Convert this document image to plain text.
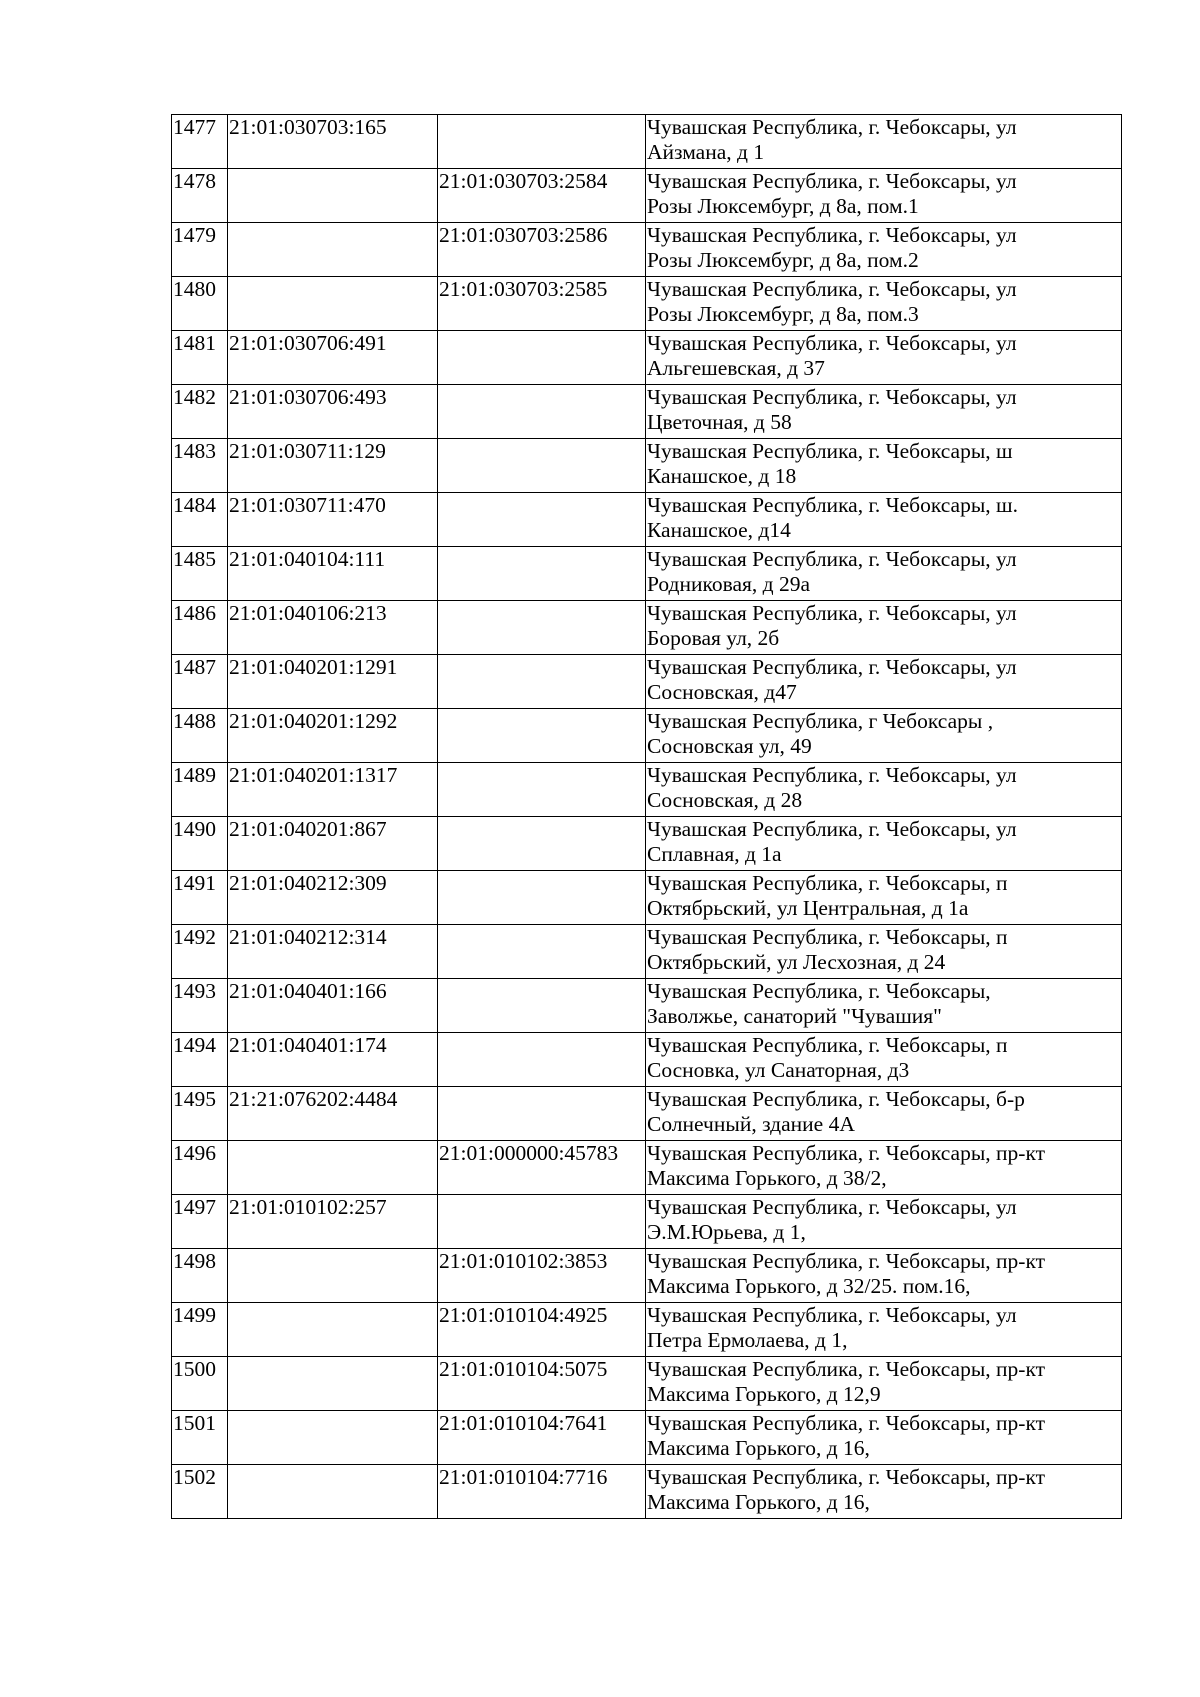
1477	21:01:030703:165		Чувашская Республика, г. Чебоксары, ул
Айзмана, д 1

1478		21:01:030703:2584	Чувашская Республика, г. Чебоксары, ул
Розы Люксембург, д 8а, пом.1

1479		21:01:030703:2586	Чувашская Республика, г. Чебоксары, ул
Розы Люксембург, д 8а, пом.2

1480		21:01:030703:2585	Чувашская Республика, г. Чебоксары, ул
Розы Люксембург, д 8а, пом.3

1481	21:01:030706:491		Чувашская Республика, г. Чебоксары, ул
Альгешевская, д 37

1482	21:01:030706:493		Чувашская Республика, г. Чебоксары, ул
Цветочная, д 58

1483	21:01:030711:129		Чувашская Республика, г. Чебоксары, ш
Канашское, д 18

1484	21:01:030711:470		Чувашская Республика, г. Чебоксары, ш.
Канашское, д14

1485	21:01:040104:111		Чувашская Республика, г. Чебоксары, ул
Родниковая, д 29а

1486	21:01:040106:213		Чувашская Республика, г. Чебоксары, ул
Боровая ул, 2б

1487	21:01:040201:1291		Чувашская Республика, г. Чебоксары, ул
Сосновская, д47

1488	21:01:040201:1292		Чувашская Республика, г Чебоксары ,
Сосновская ул, 49

1489	21:01:040201:1317		Чувашская Республика, г. Чебоксары, ул
Сосновская, д 28

1490	21:01:040201:867		Чувашская Республика, г. Чебоксары, ул
Сплавная, д 1а

1491	21:01:040212:309		Чувашская Республика, г. Чебоксары, п
Октябрьский, ул Центральная, д 1а

1492	21:01:040212:314		Чувашская Республика, г. Чебоксары, п
Октябрьский, ул Лесхозная, д 24

1493	21:01:040401:166		Чувашская Республика, г. Чебоксары,
Заволжье, санаторий "Чувашия"

1494	21:01:040401:174		Чувашская Республика, г. Чебоксары, п
Сосновка, ул Санаторная, д3

1495	21:21:076202:4484		Чувашская Республика, г. Чебоксары, б-р
Солнечный, здание 4А

1496		21:01:000000:45783	Чувашская Республика, г. Чебоксары, пр-кт
Максима Горького, д 38/2,

1497	21:01:010102:257		Чувашская Республика, г. Чебоксары, ул
Э.М.Юрьева, д 1,

1498		21:01:010102:3853	Чувашская Республика, г. Чебоксары, пр-кт
Максима Горького, д 32/25. пом.16,

1499		21:01:010104:4925	Чувашская Республика, г. Чебоксары, ул
Петра Ермолаева, д 1,

1500		21:01:010104:5075	Чувашская Республика, г. Чебоксары, пр-кт
Максима Горького, д 12,9

1501		21:01:010104:7641	Чувашская Республика, г. Чебоксары, пр-кт
Максима Горького, д 16,

1502		21:01:010104:7716	Чувашская Республика, г. Чебоксары, пр-кт
Максима Горького, д 16,
